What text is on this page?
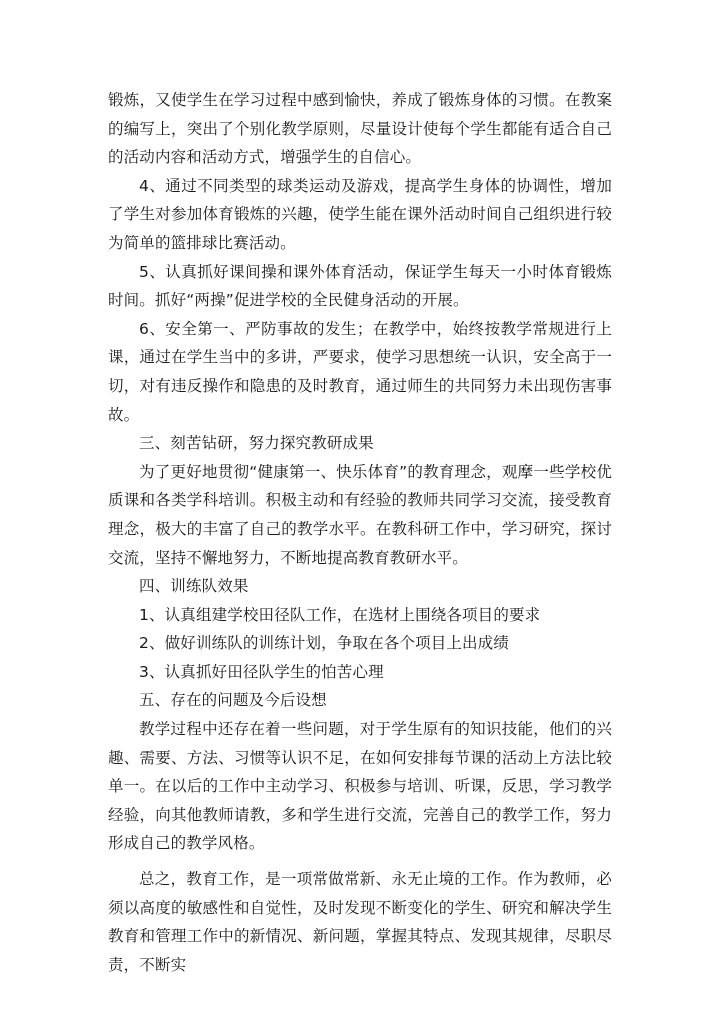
锻炼，又使学生在学习过程中感到愉快，养成了锻炼身体的习惯。在教案的编写上，突出了个别化教学原则，尽量设计使每个学生都能有适合自己的活动内容和活动方式，增强学生的自信心。

4、通过不同类型的球类运动及游戏，提高学生身体的协调性，增加了学生对参加体育锻炼的兴趣，使学生能在课外活动时间自己组织进行较为简单的篮排球比赛活动。

5、认真抓好课间操和课外体育活动，保证学生每天一小时体育锻炼时间。抓好“两操”促进学校的全民健身活动的开展。

6、安全第一、严防事故的发生；在教学中，始终按教学常规进行上课，通过在学生当中的多讲，严要求，使学习思想统一认识，安全高于一切，对有违反操作和隐患的及时教育，通过师生的共同努力未出现伤害事故。

三、刻苦钻研，努力探究教研成果

为了更好地贯彻“健康第一、快乐体育”的教育理念，观摩一些学校优质课和各类学科培训。积极主动和有经验的教师共同学习交流，接受教育理念，极大的丰富了自己的教学水平。在教科研工作中，学习研究，探讨交流，坚持不懈地努力，不断地提高教育教研水平。

四、训练队效果

1、认真组建学校田径队工作，在选材上围绕各项目的要求

2、做好训练队的训练计划，争取在各个项目上出成绩

3、认真抓好田径队学生的怕苦心理

五、存在的问题及今后设想

教学过程中还存在着一些问题，对于学生原有的知识技能，他们的兴趣、需要、方法、习惯等认识不足，在如何安排每节课的活动上方法比较单一。在以后的工作中主动学习、积极参与培训、听课，反思，学习教学经验，向其他教师请教，多和学生进行交流，完善自己的教学工作，努力形成自己的教学风格。

总之，教育工作，是一项常做常新、永无止境的工作。作为教师，必须以高度的敏感性和自觉性，及时发现不断变化的学生、研究和解决学生教育和管理工作中的新情况、新问题，掌握其特点、发现其规律，尽职尽责，不断实
